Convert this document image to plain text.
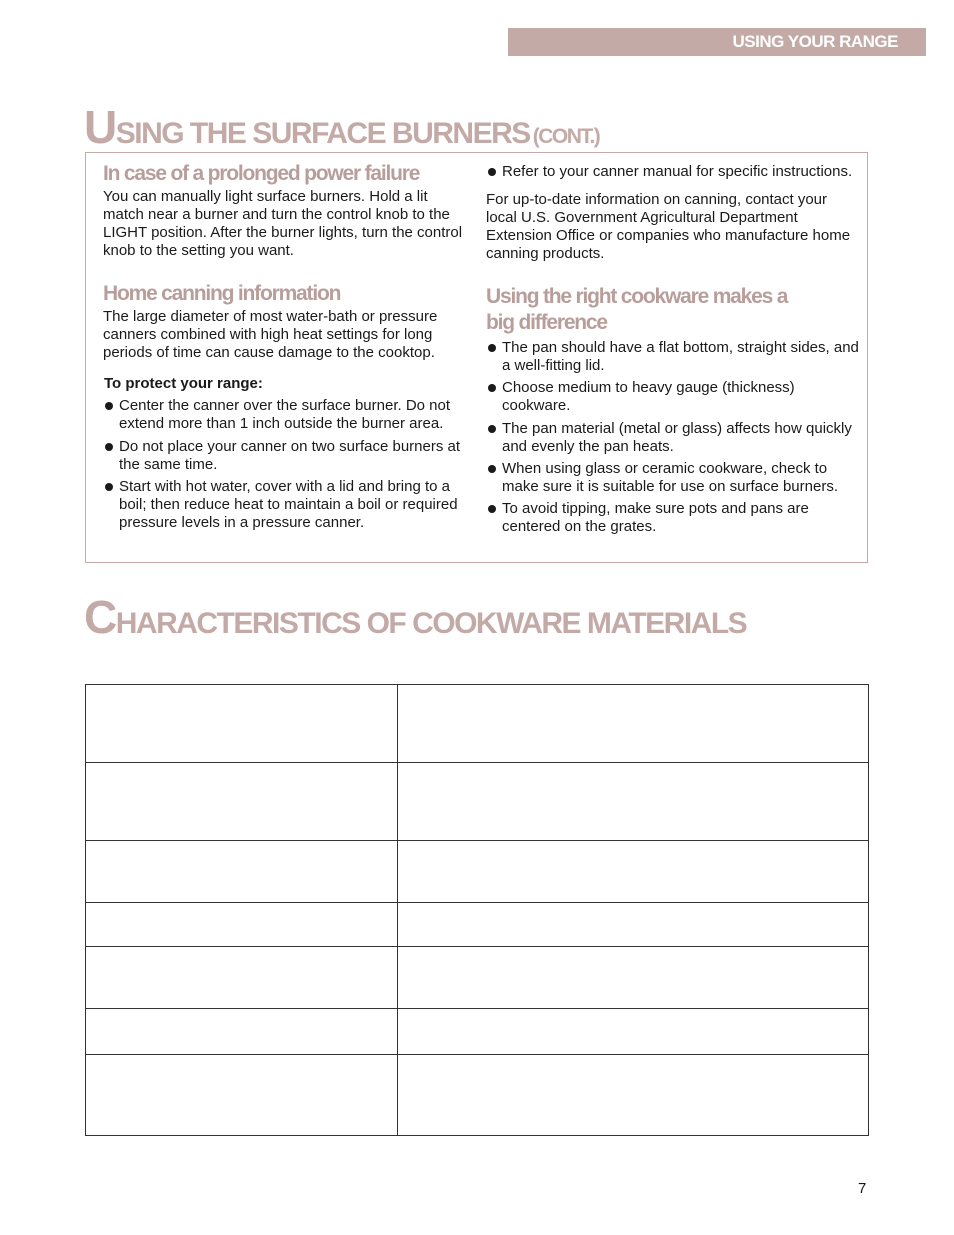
USING YOUR RANGE
USING THE SURFACE BURNERS (CONT.)
In case of a prolonged power failure

You can manually light surface burners. Hold a lit match near a burner and turn the control knob to the LIGHT position. After the burner lights, turn the control knob to the setting you want.

Home canning information

The large diameter of most water-bath or pressure canners combined with high heat settings for long periods of time can cause damage to the cooktop.

To protect your range:
Center the canner over the surface burner. Do not extend more than 1 inch outside the burner area.
Do not place your canner on two surface burners at the same time.
Start with hot water, cover with a lid and bring to a boil; then reduce heat to maintain a boil or required pressure levels in a pressure canner.
Refer to your canner manual for specific instructions.

For up-to-date information on canning, contact your local U.S. Government Agricultural Department Extension Office or companies who manufacture home canning products.

Using the right cookware makes a
big difference
The pan should have a flat bottom, straight sides, and a well-fitting lid.
Choose medium to heavy gauge (thickness) cookware.
The pan material (metal or glass) affects how quickly and evenly the pan heats.
When using glass or ceramic cookware, check to make sure it is suitable for use on surface burners.
To avoid tipping, make sure pots and pans are centered on the grates.
CHARACTERISTICS OF COOKWARE MATERIALS
7
